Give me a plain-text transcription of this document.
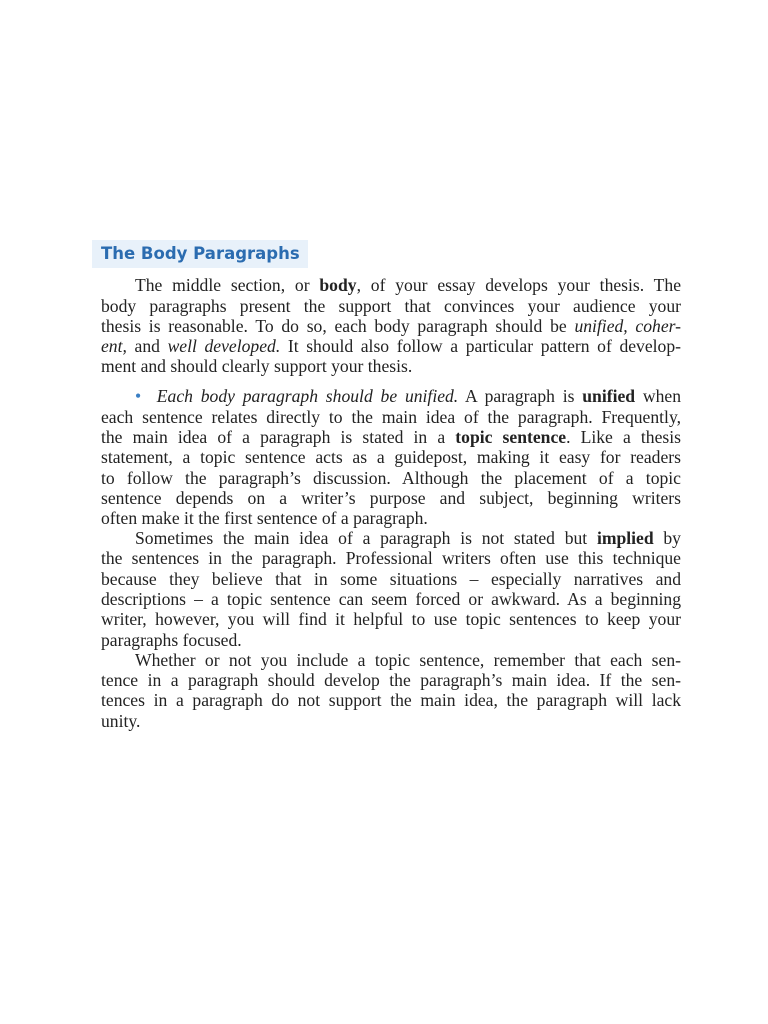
The Body Paragraphs
The middle section, or body, of your essay develops your thesis. The
body paragraphs present the support that convinces your audience your
thesis is reasonable. To do so, each body paragraph should be unified, coher-
ent, and well developed. It should also follow a particular pattern of develop-
ment and should clearly support your thesis.
• Each body paragraph should be unified. A paragraph is unified when
each sentence relates directly to the main idea of the paragraph. Frequently,
the main idea of a paragraph is stated in a topic sentence. Like a thesis
statement, a topic sentence acts as a guidepost, making it easy for readers
to follow the paragraph’s discussion. Although the placement of a topic
sentence depends on a writer’s purpose and subject, beginning writers
often make it the first sentence of a paragraph.
Sometimes the main idea of a paragraph is not stated but implied by
the sentences in the paragraph. Professional writers often use this technique
because they believe that in some situations – especially narratives and
descriptions – a topic sentence can seem forced or awkward. As a beginning
writer, however, you will find it helpful to use topic sentences to keep your
paragraphs focused.
Whether or not you include a topic sentence, remember that each sen-
tence in a paragraph should develop the paragraph’s main idea. If the sen-
tences in a paragraph do not support the main idea, the paragraph will lack
unity.
